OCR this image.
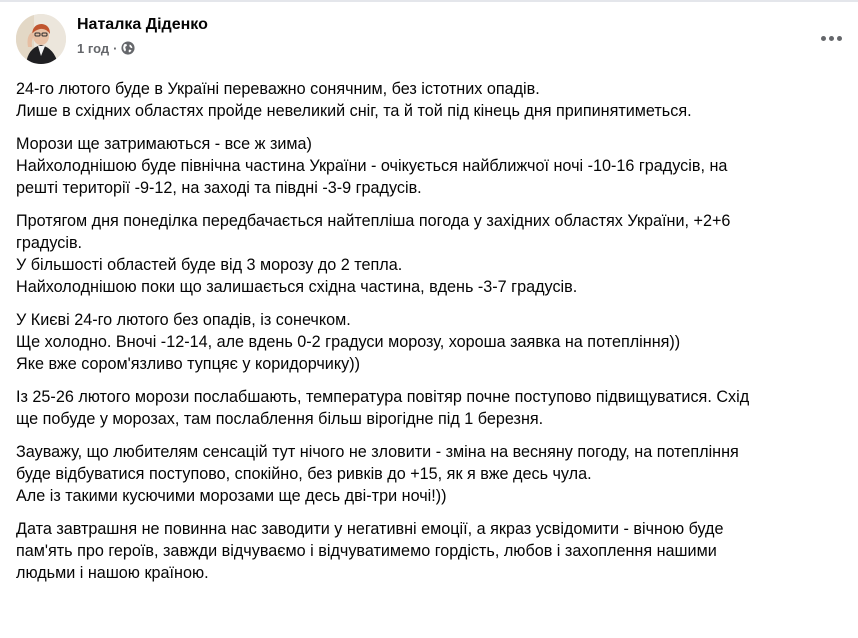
Наталка Діденко
1 год ·

24-го лютого буде в Україні переважно сонячним, без істотних опадів.
Лише в східних областях пройде невеликий сніг, та й той під кінець дня припинятиметься.

Морози ще затримаються - все ж зима)
Найхолоднішою буде північна частина України - очікується найближчої ночі -10-16 градусів, на
решті території -9-12, на заході та півдні -3-9 градусів.

Протягом дня понеділка передбачається найтепліша погода у західних областях України, +2+6
градусів.
У більшості областей буде від 3 морозу до 2 тепла.
Найхолоднішою поки що залишається східна частина, вдень -3-7 градусів.

У Києві 24-го лютого без опадів, із сонечком.
Ще холодно. Вночі -12-14, але вдень 0-2 градуси морозу, хороша заявка на потепління))
Яке вже сором'язливо тупцяє у коридорчику))

Із 25-26 лютого морози послабшають, температура повітяр почне поступово підвищуватися. Схід
ще побуде у морозах, там послаблення більш вірогідне під 1 березня.

Зауважу, що любителям сенсацій тут нічого не зловити - зміна на весняну погоду, на потепління
буде відбуватися поступово, спокійно, без ривків до +15, як я вже десь чула.
Але із такими кусючими морозами ще десь дві-три ночі!))

Дата завтрашня не повинна нас заводити у негативні емоції, а якраз усвідомити - вічною буде
пам'ять про героїв, завжди відчуваємо і відчуватимемо гордість, любов і захоплення нашими
людьми і нашою країною.
